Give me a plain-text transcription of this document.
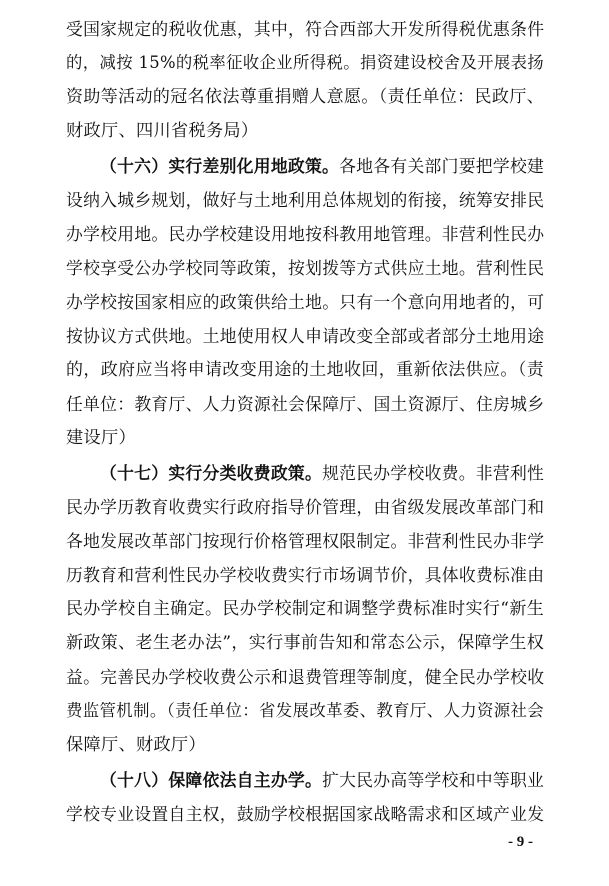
受国家规定的税收优惠，其中，符合西部大开发所得税优惠条件
的，减按 15%的税率征收企业所得税。捐资建设校舍及开展表扬
资助等活动的冠名依法尊重捐赠人意愿。（责任单位：民政厅、
财政厅、四川省税务局）
（十六）实行差别化用地政策。各地各有关部门要把学校建
设纳入城乡规划，做好与土地利用总体规划的衔接，统筹安排民
办学校用地。民办学校建设用地按科教用地管理。非营利性民办
学校享受公办学校同等政策，按划拨等方式供应土地。营利性民
办学校按国家相应的政策供给土地。只有一个意向用地者的，可
按协议方式供地。土地使用权人申请改变全部或者部分土地用途
的，政府应当将申请改变用途的土地收回，重新依法供应。（责
任单位：教育厅、人力资源社会保障厅、国土资源厅、住房城乡
建设厅）
（十七）实行分类收费政策。规范民办学校收费。非营利性
民办学历教育收费实行政府指导价管理，由省级发展改革部门和
各地发展改革部门按现行价格管理权限制定。非营利性民办非学
历教育和营利性民办学校收费实行市场调节价，具体收费标准由
民办学校自主确定。民办学校制定和调整学费标准时实行“新生
新政策、老生老办法”，实行事前告知和常态公示，保障学生权
益。完善民办学校收费公示和退费管理等制度，健全民办学校收
费监管机制。（责任单位：省发展改革委、教育厅、人力资源社会
保障厅、财政厅）
（十八）保障依法自主办学。扩大民办高等学校和中等职业
学校专业设置自主权，鼓励学校根据国家战略需求和区域产业发
- 9 -
